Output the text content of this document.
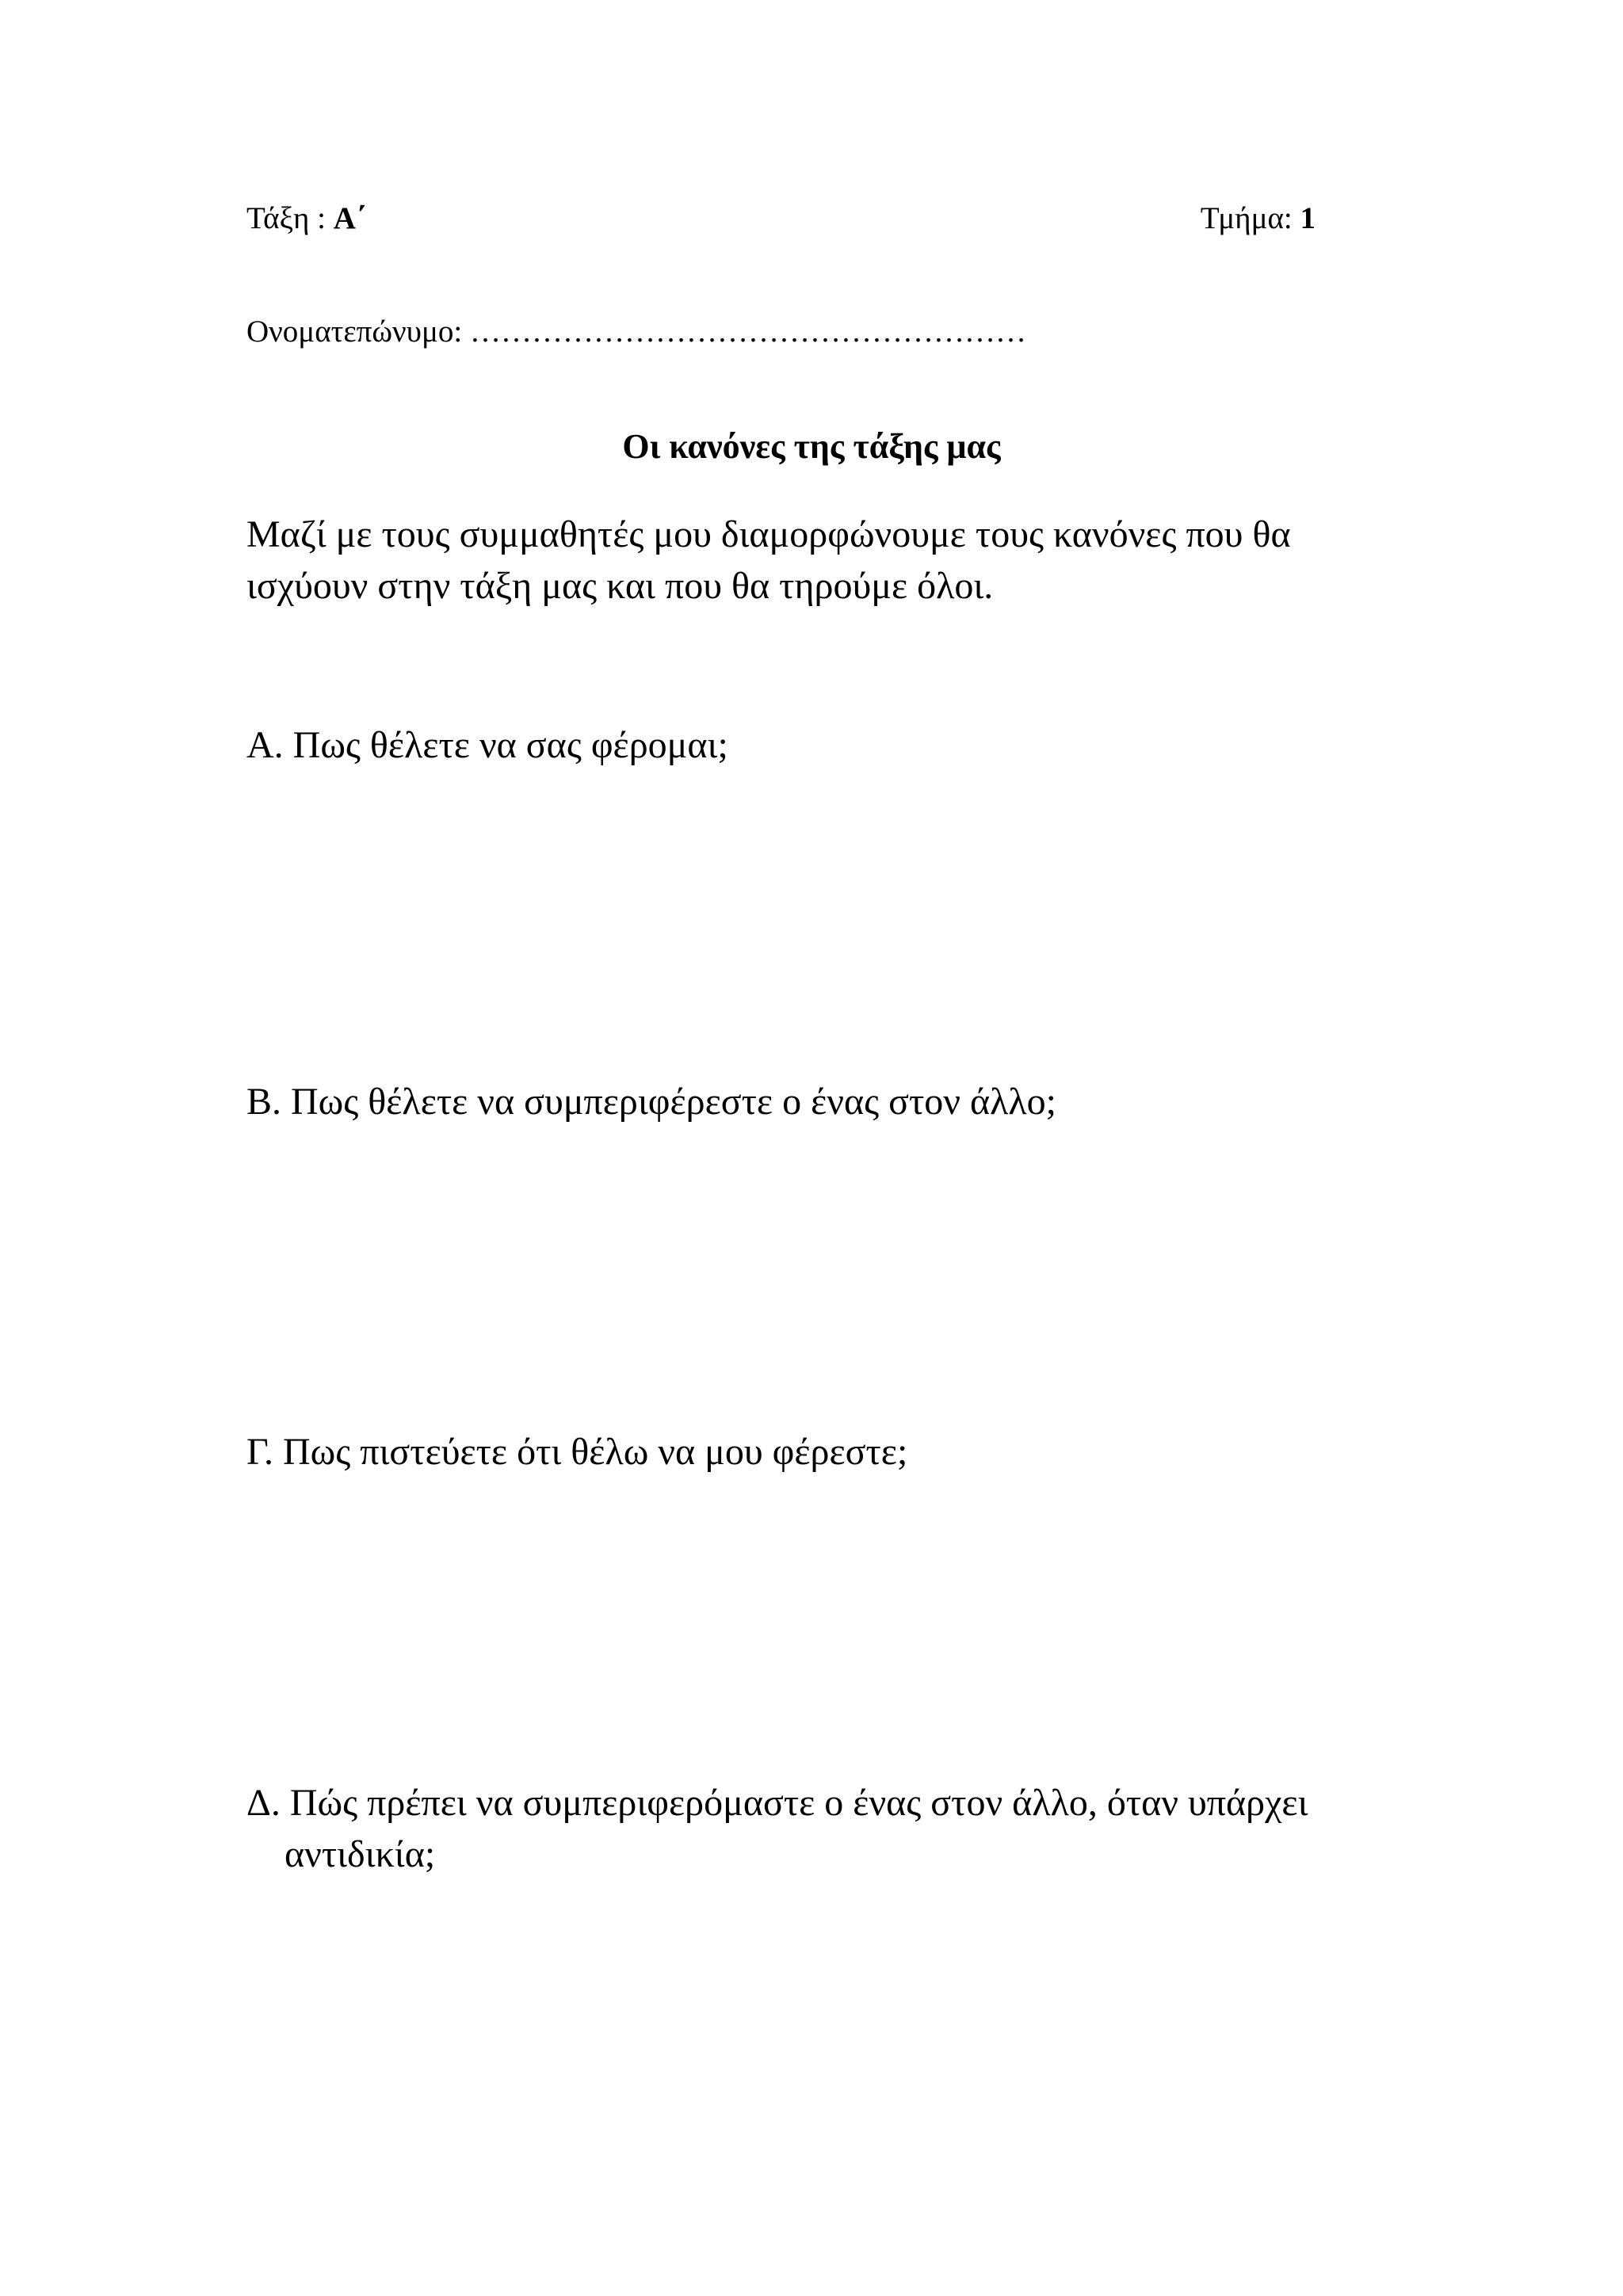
Τάξη : Α΄	Τμήμα: 1
Ονοματεπώνυμο: ………………………………………………
Οι κανόνες της τάξης μας
Μαζί με τους συμμαθητές μου διαμορφώνουμε τους κανόνες που θα ισχύουν στην τάξη μας και που θα τηρούμε όλοι.
Α. Πως θέλετε να σας φέρομαι;
Β. Πως θέλετε να συμπεριφέρεστε ο ένας στον άλλο;
Γ. Πως πιστεύετε ότι θέλω να μου φέρεστε;
Δ. Πώς πρέπει να συμπεριφερόμαστε ο ένας στον άλλο, όταν υπάρχει αντιδικία;
